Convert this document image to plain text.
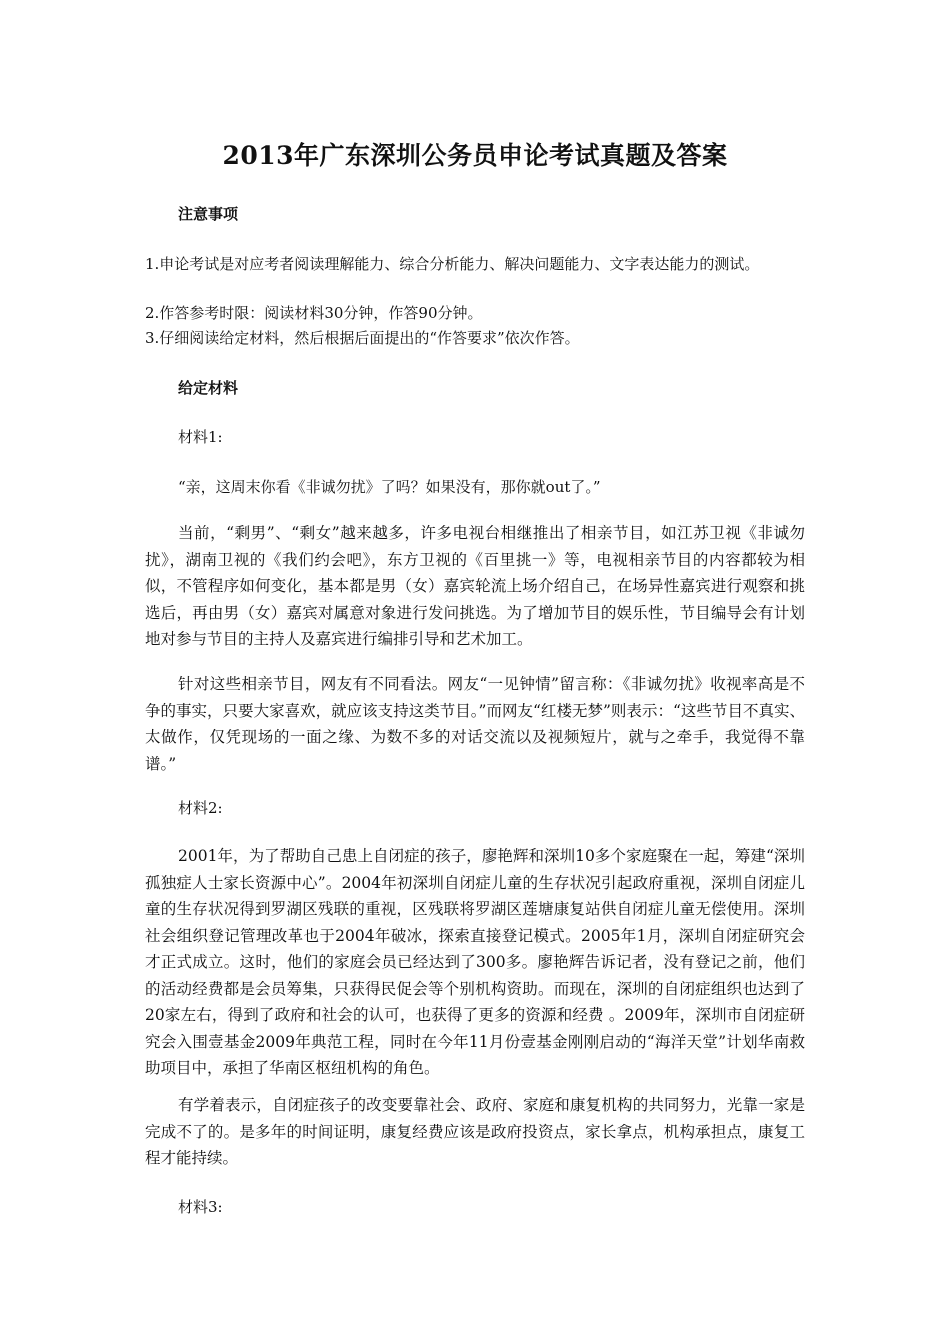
2013年广东深圳公务员申论考试真题及答案
注意事项
1.申论考试是对应考者阅读理解能力、综合分析能力、解决问题能力、文字表达能力的测试。
2.作答参考时限：阅读材料30分钟，作答90分钟。
3.仔细阅读给定材料，然后根据后面提出的“作答要求”依次作答。
给定材料
材料1:
“亲，这周末你看《非诚勿扰》了吗？如果没有，那你就out了。”
当前，“剩男”、“剩女”越来越多，许多电视台相继推出了相亲节目，如江苏卫视《非诚勿扰》，湖南卫视的《我们约会吧》，东方卫视的《百里挑一》等，电视相亲节目的内容都较为相似，不管程序如何变化，基本都是男（女）嘉宾轮流上场介绍自己，在场异性嘉宾进行观察和挑选后，再由男（女）嘉宾对属意对象进行发问挑选。为了增加节目的娱乐性，节目编导会有计划地对参与节目的主持人及嘉宾进行编排引导和艺术加工。
针对这些相亲节目，网友有不同看法。网友“一见钟情”留言称：《非诚勿扰》收视率高是不争的事实，只要大家喜欢，就应该支持这类节目。”而网友“红楼无梦”则表示：“这些节目不真实、太做作，仅凭现场的一面之缘、为数不多的对话交流以及视频短片，就与之牵手，我觉得不靠谱。”
材料2:
2001年，为了帮助自己患上自闭症的孩子，廖艳辉和深圳10多个家庭聚在一起，筹建“深圳孤独症人士家长资源中心”。2004年初深圳自闭症儿童的生存状况引起政府重视，深圳自闭症儿童的生存状况得到罗湖区残联的重视，区残联将罗湖区莲塘康复站供自闭症儿童无偿使用。深圳社会组织登记管理改革也于2004年破冰，探索直接登记模式。2005年1月，深圳自闭症研究会才正式成立。这时，他们的家庭会员已经达到了300多。廖艳辉告诉记者，没有登记之前，他们的活动经费都是会员筹集，只获得民促会等个别机构资助。而现在，深圳的自闭症组织也达到了20家左右，得到了政府和社会的认可，也获得了更多的资源和经费 。2009年，深圳市自闭症研究会入围壹基金2009年典范工程，同时在今年11月份壹基金刚刚启动的“海洋天堂”计划华南救助项目中，承担了华南区枢纽机构的角色。
有学着表示，自闭症孩子的改变要靠社会、政府、家庭和康复机构的共同努力，光靠一家是完成不了的。是多年的时间证明，康复经费应该是政府投资点，家长拿点，机构承担点，康复工程才能持续。
材料3:
